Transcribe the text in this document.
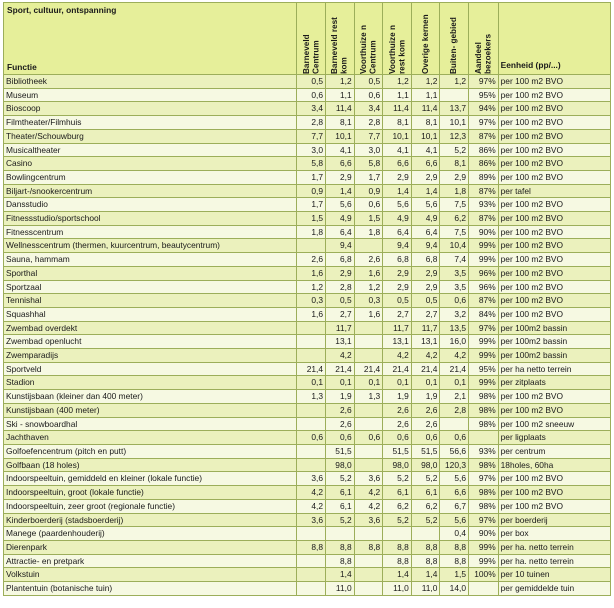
Sport, cultuur, ontspanning
Functie	Barneveld Centrum	Barneveld rest kom	Voorthuize n Centrum	Voorthuize n rest kom	Overige kernen	Buiten- gebied	Aandeel bezoekers	Eenheid (pp/...)
Bibliotheek	0,5	1,2	0,5	1,2	1,2	1,2	97%	per 100 m2 BVO
Museum	0,6	1,1	0,6	1,1	1,1		95%	per 100 m2 BVO
Bioscoop	3,4	11,4	3,4	11,4	11,4	13,7	94%	per 100 m2 BVO
Filmtheater/Filmhuis	2,8	8,1	2,8	8,1	8,1	10,1	97%	per 100 m2 BVO
Theater/Schouwburg	7,7	10,1	7,7	10,1	10,1	12,3	87%	per 100 m2 BVO
Musicaltheater	3,0	4,1	3,0	4,1	4,1	5,2	86%	per 100 m2 BVO
Casino	5,8	6,6	5,8	6,6	6,6	8,1	86%	per 100 m2 BVO
Bowlingcentrum	1,7	2,9	1,7	2,9	2,9	2,9	89%	per 100 m2 BVO
Biljart-/snookercentrum	0,9	1,4	0,9	1,4	1,4	1,8	87%	per tafel
Dansstudio	1,7	5,6	0,6	5,6	5,6	7,5	93%	per 100 m2 BVO
Fitnessstudio/sportschool	1,5	4,9	1,5	4,9	4,9	6,2	87%	per 100 m2 BVO
Fitnesscentrum	1,8	6,4	1,8	6,4	6,4	7,5	90%	per 100 m2 BVO
Wellnesscentrum (thermen, kuurcentrum, beautycentrum)		9,4		9,4	9,4	10,4	99%	per 100 m2 BVO
Sauna, hammam	2,6	6,8	2,6	6,8	6,8	7,4	99%	per 100 m2 BVO
Sporthal	1,6	2,9	1,6	2,9	2,9	3,5	96%	per 100 m2 BVO
Sportzaal	1,2	2,8	1,2	2,9	2,9	3,5	96%	per 100 m2 BVO
Tennishal	0,3	0,5	0,3	0,5	0,5	0,6	87%	per 100 m2 BVO
Squashhal	1,6	2,7	1,6	2,7	2,7	3,2	84%	per 100 m2 BVO
Zwembad overdekt		11,7		11,7	11,7	13,5	97%	per 100m2 bassin
Zwembad openlucht		13,1		13,1	13,1	16,0	99%	per 100m2 bassin
Zwemparadijs		4,2		4,2	4,2	4,2	99%	per 100m2 bassin
Sportveld	21,4	21,4	21,4	21,4	21,4	21,4	95%	per ha netto terrein
Stadion	0,1	0,1	0,1	0,1	0,1	0,1	99%	per zitplaats
Kunstijsbaan (kleiner dan 400 meter)	1,3	1,9	1,3	1,9	1,9	2,1	98%	per 100 m2 BVO
Kunstijsbaan (400 meter)		2,6		2,6	2,6	2,8	98%	per 100 m2 BVO
Ski - snowboardhal		2,6		2,6	2,6		98%	per 100 m2 sneeuw
Jachthaven	0,6	0,6	0,6	0,6	0,6	0,6		per ligplaats
Golfoefencentrum (pitch en putt)		51,5		51,5	51,5	56,6	93%	per centrum
Golfbaan (18 holes)		98,0		98,0	98,0	120,3	98%	18holes, 60ha
Indoorspeeltuin, gemiddeld en kleiner (lokale functie)	3,6	5,2	3,6	5,2	5,2	5,6	97%	per 100 m2 BVO
Indoorspeeltuin, groot (lokale functie)	4,2	6,1	4,2	6,1	6,1	6,6	98%	per 100 m2 BVO
Indoorspeeltuin, zeer groot (regionale functie)	4,2	6,1	4,2	6,2	6,2	6,7	98%	per 100 m2 BVO
Kinderboerderij (stadsboerderij)	3,6	5,2	3,6	5,2	5,2	5,6	97%	per boerderij
Manege (paardenhouderij)						0,4	90%	per box
Dierenpark	8,8	8,8	8,8	8,8	8,8	8,8	99%	per ha. netto terrein
Attractie- en pretpark		8,8		8,8	8,8	8,8	99%	per ha. netto terrein
Volkstuin		1,4		1,4	1,4	1,5	100%	per 10 tuinen
Plantentuin (botanische tuin)		11,0		11,0	11,0	14,0		per gemiddelde tuin
